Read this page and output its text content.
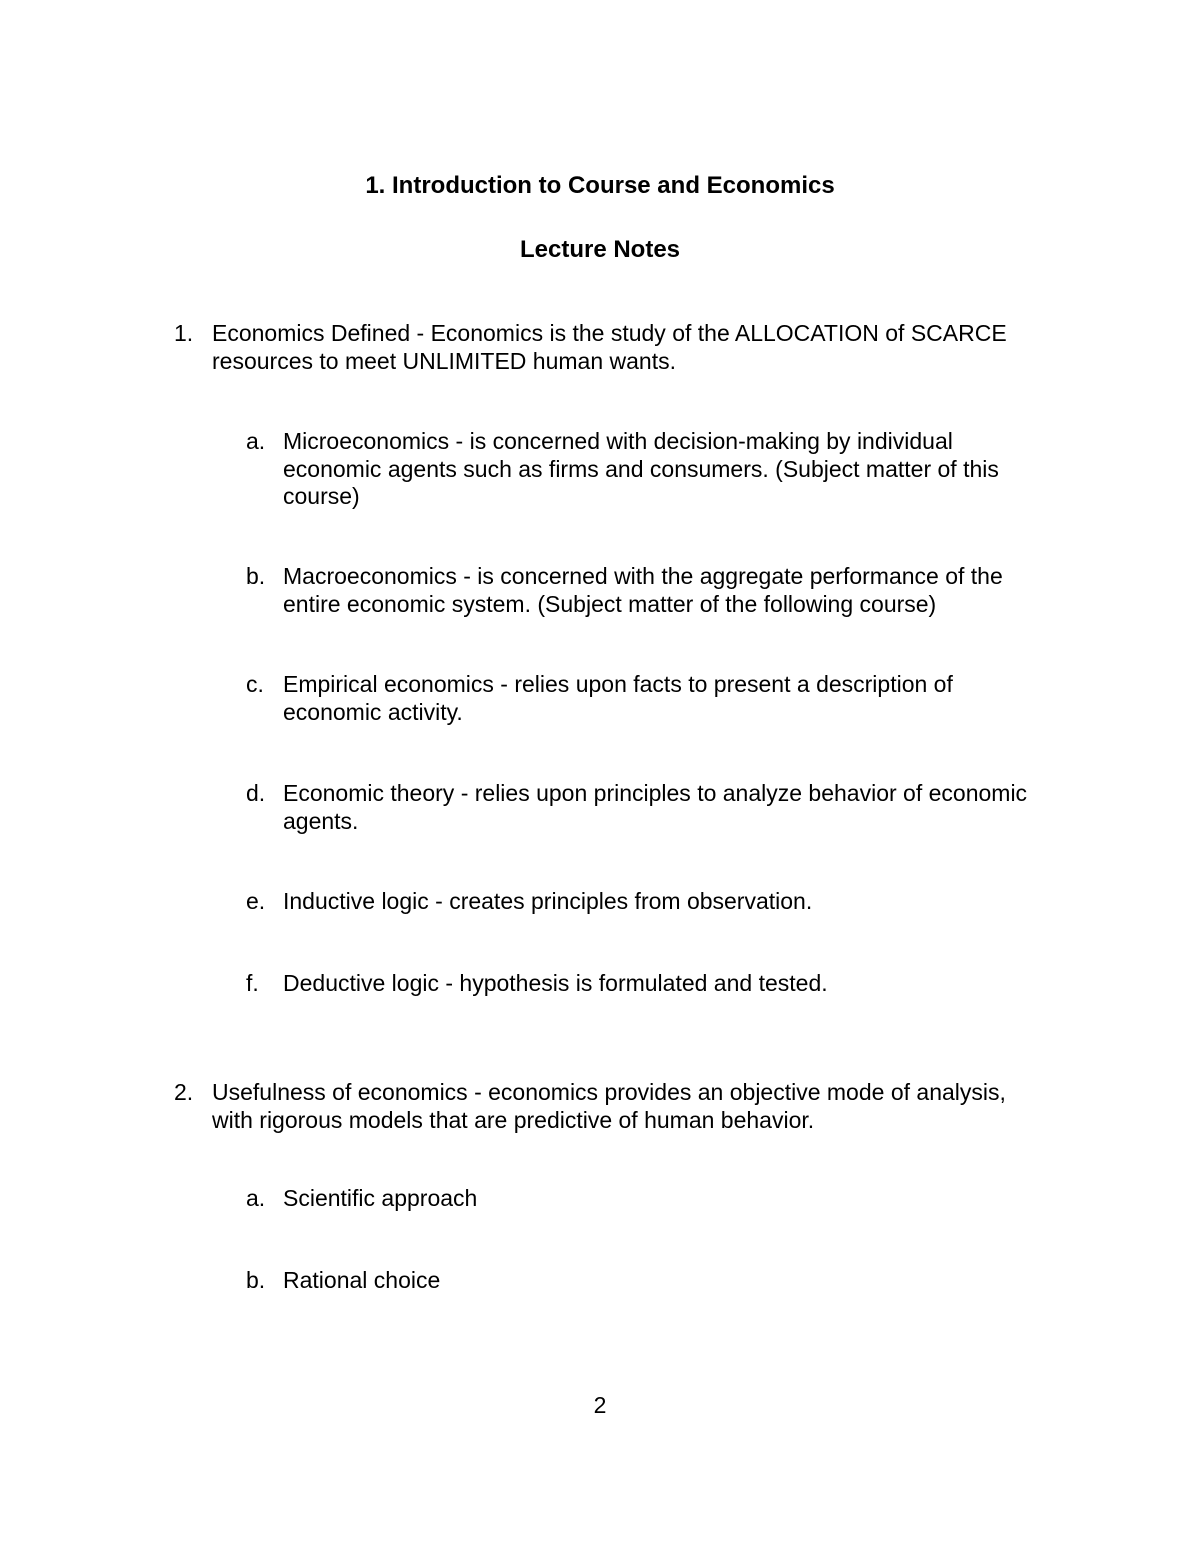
1. Introduction to Course and Economics
Lecture Notes
1. Economics Defined - Economics is the study of the ALLOCATION of SCARCE
resources to meet UNLIMITED human wants.
a. Microeconomics - is concerned with decision-making by individual
economic agents such as firms and consumers. (Subject matter of this
course)
b. Macroeconomics - is concerned with the aggregate performance of the
entire economic system. (Subject matter of the following course)
c. Empirical economics - relies upon facts to present a description of
economic activity.
d. Economic theory - relies upon principles to analyze behavior of economic
agents.
e. Inductive logic - creates principles from observation.
f. Deductive logic - hypothesis is formulated and tested.
2. Usefulness of economics - economics provides an objective mode of analysis,
with rigorous models that are predictive of human behavior.
a. Scientific approach
b. Rational choice
2
